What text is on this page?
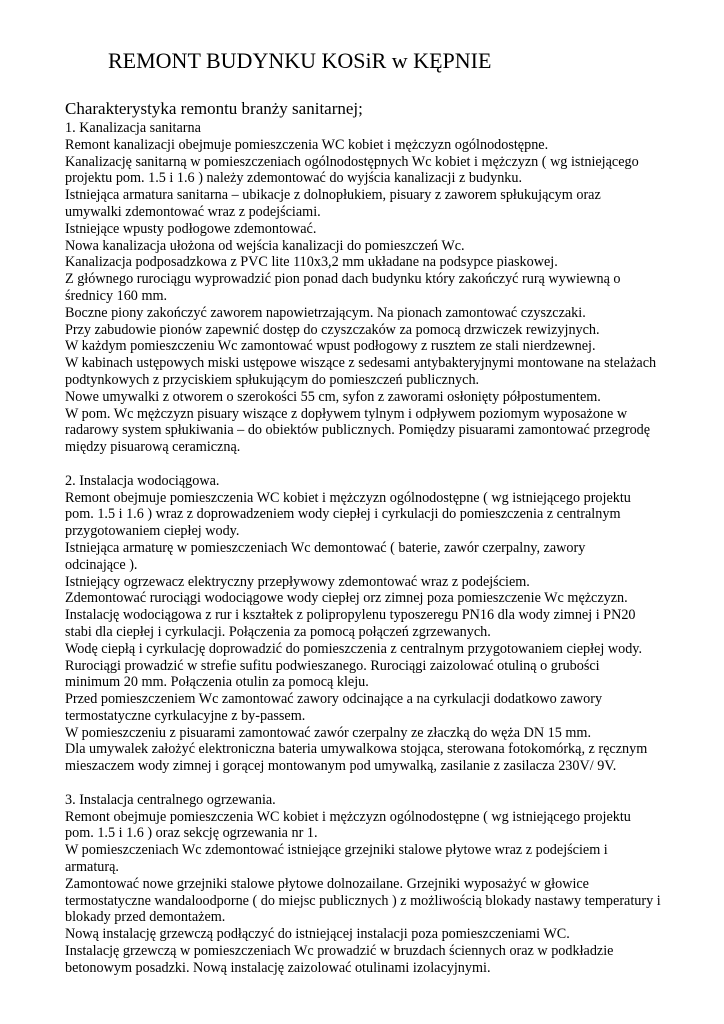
REMONT BUDYNKU KOSiR w KĘPNIE

Charakterystyka remontu branży sanitarnej;

1. Kanalizacja sanitarna

Remont kanalizacji obejmuje pomieszczenia WC kobiet i mężczyzn ogólnodostępne.

Kanalizację sanitarną w pomieszczeniach ogólnodostępnych Wc kobiet i mężczyzn ( wg istniejącego

projektu pom. 1.5 i 1.6 ) należy zdemontować do wyjścia kanalizacji z budynku.

Istniejąca armatura sanitarna – ubikacje z dolnopłukiem, pisuary z zaworem spłukującym oraz

umywalki zdemontować wraz z podejściami.

Istniejące wpusty podłogowe zdemontować.

Nowa kanalizacja ułożona od wejścia kanalizacji do pomieszczeń Wc.

Kanalizacja podposadzkowa z PVC lite 110x3,2 mm układane na podsypce piaskowej.

Z głównego rurociągu wyprowadzić pion ponad dach budynku który zakończyć rurą wywiewną o

średnicy 160 mm.

Boczne piony zakończyć zaworem napowietrzającym. Na pionach zamontować czyszczaki.

Przy zabudowie pionów zapewnić dostęp do czyszczaków za pomocą drzwiczek rewizyjnych.

W każdym pomieszczeniu Wc zamontować wpust podłogowy z rusztem ze stali nierdzewnej.

W kabinach ustępowych miski ustępowe wiszące z sedesami antybakteryjnymi montowane na stelażach

podtynkowych z przyciskiem spłukującym do pomieszczeń publicznych.

Nowe umywalki z otworem o szerokości 55 cm, syfon z zaworami osłonięty półpostumentem.

W pom. Wc mężczyzn pisuary wiszące z dopływem tylnym i odpływem poziomym wyposażone w

radarowy system spłukiwania – do obiektów publicznych. Pomiędzy pisuarami zamontować przegrodę

między pisuarową ceramiczną.

2. Instalacja wodociągowa.

Remont obejmuje pomieszczenia WC kobiet i mężczyzn ogólnodostępne ( wg istniejącego projektu

pom. 1.5 i 1.6 ) wraz z doprowadzeniem wody ciepłej i cyrkulacji do pomieszczenia z centralnym

przygotowaniem ciepłej wody.

Istniejąca armaturę w pomieszczeniach Wc demontować ( baterie, zawór czerpalny, zawory

odcinające ).

Istniejący ogrzewacz elektryczny przepływowy zdemontować wraz z podejściem.

Zdemontować rurociągi wodociągowe wody ciepłej orz zimnej poza pomieszczenie Wc mężczyzn.

Instalację wodociągowa z rur i kształtek z polipropylenu typoszeregu PN16 dla wody zimnej i PN20

stabi dla ciepłej i cyrkulacji. Połączenia za pomocą połączeń zgrzewanych.

Wodę ciepłą i cyrkulację doprowadzić do pomieszczenia z centralnym przygotowaniem ciepłej wody.

Rurociągi prowadzić w strefie sufitu podwieszanego. Rurociągi zaizolować otuliną o grubości

minimum 20 mm. Połączenia otulin za pomocą kleju.

Przed pomieszczeniem Wc zamontować zawory odcinające a na cyrkulacji dodatkowo zawory

termostatyczne cyrkulacyjne z by-passem.

W pomieszczeniu z pisuarami zamontować zawór czerpalny ze złaczką do węża DN 15 mm.

Dla umywalek założyć elektroniczna bateria umywalkowa stojąca, sterowana fotokomórką, z ręcznym

mieszaczem wody zimnej i gorącej montowanym pod umywalką, zasilanie z zasilacza 230V/ 9V.

3. Instalacja centralnego ogrzewania.

Remont obejmuje pomieszczenia WC kobiet i mężczyzn ogólnodostępne ( wg istniejącego projektu

pom. 1.5 i 1.6 ) oraz sekcję ogrzewania nr 1.

W pomieszczeniach Wc zdemontować istniejące grzejniki stalowe płytowe wraz z podejściem i

armaturą.

Zamontować nowe grzejniki stalowe płytowe dolnozailane. Grzejniki wyposażyć w głowice

termostatyczne wandaloodporne ( do miejsc publicznych ) z możliwością blokady nastawy temperatury i

blokady przed demontażem.

Nową instalację grzewczą podłączyć do istniejącej instalacji poza pomieszczeniami WC.

Instalację grzewczą w pomieszczeniach Wc prowadzić w bruzdach ściennych oraz w podkładzie

betonowym posadzki. Nową instalację zaizolować otulinami izolacyjnymi.
